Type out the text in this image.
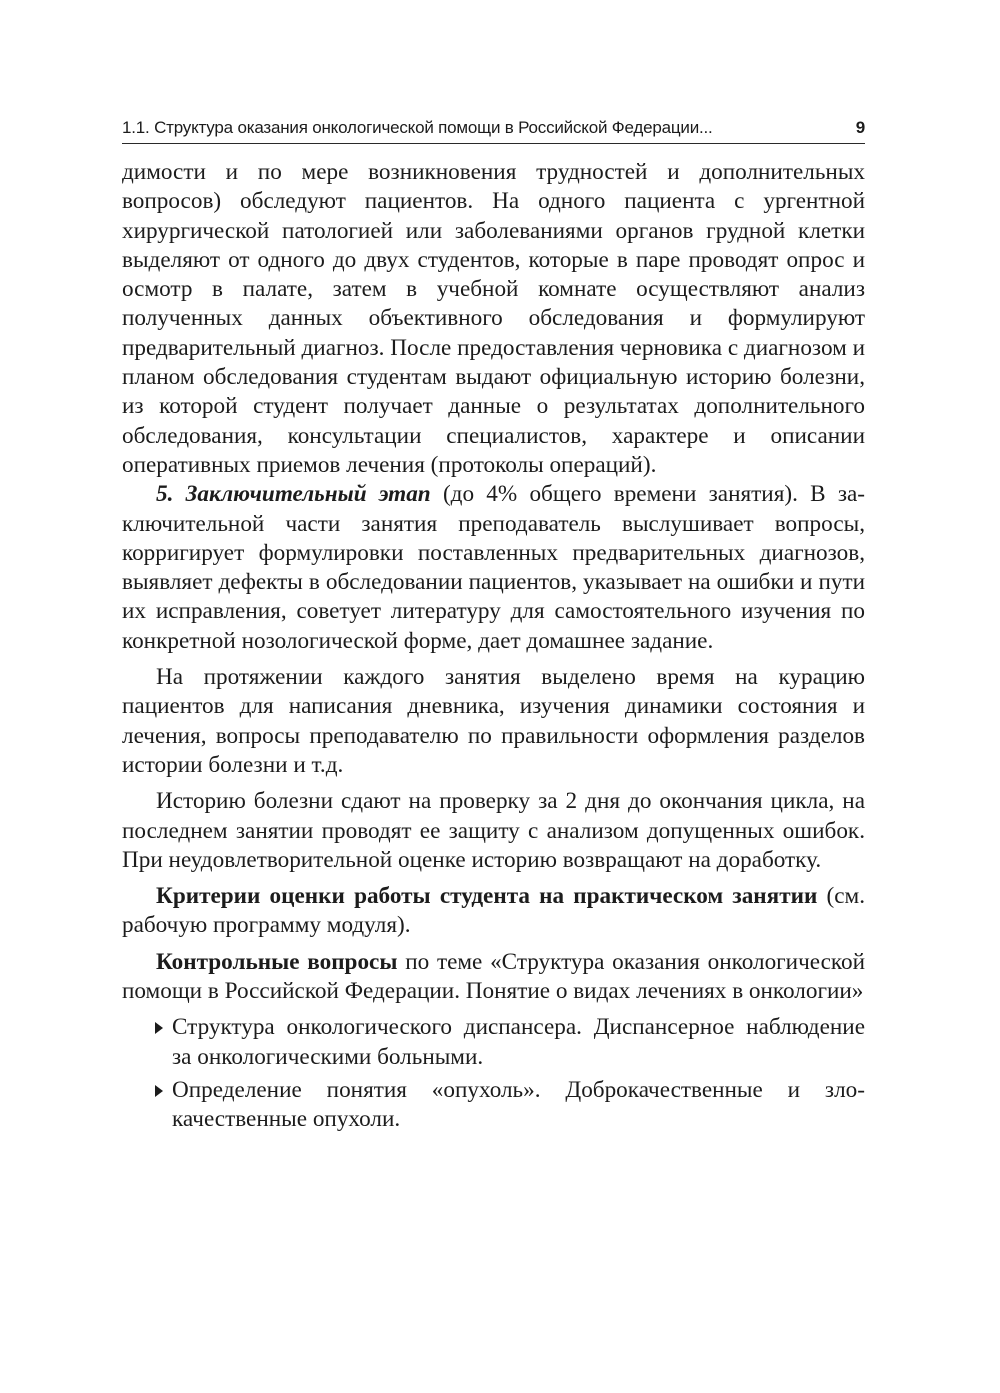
1.1. Структура оказания онкологической помощи в Российской Федерации...	9

димости и по мере возникновения трудностей и дополнительных вопросов) обследуют пациентов. На одного пациента с ургентной хирургической патологией или заболеваниями органов грудной клетки выделяют от одного до двух студентов, которые в паре проводят опрос и осмотр в палате, затем в учебной комнате осуществляют анализ полученных данных объективного обследования и формулируют предварительный диагноз. После предоставления черновика с диагнозом и планом обследования студентам выдают официальную историю болезни, из которой студент получает данные о результатах дополнительного обследования, консультации специалистов, характере и описании оперативных приемов лечения (протоколы операций).

5. Заключительный этап (до 4% общего времени занятия). В заключительной части занятия преподаватель выслушивает вопросы, корригирует формулировки поставленных предварительных диагнозов, выявляет дефекты в обследовании пациентов, указывает на ошибки и пути их исправления, советует литературу для самостоятельного изучения по конкретной нозологической форме, дает домашнее задание.

На протяжении каждого занятия выделено время на курацию пациентов для написания дневника, изучения динамики состояния и лечения, вопросы преподавателю по правильности оформления разделов истории болезни и т.д.

Историю болезни сдают на проверку за 2 дня до окончания цикла, на последнем занятии проводят ее защиту с анализом допущенных ошибок. При неудовлетворительной оценке историю возвращают на доработку.

Критерии оценки работы студента на практическом занятии (см. рабочую программу модуля).

Контрольные вопросы по теме «Структура оказания онкологической помощи в Российской Федерации. Понятие о видах лечениях в онкологии»

Структура онкологического диспансера. Диспансерное наблюдение за онкологическими больными.
Определение понятия «опухоль». Доброкачественные и злокачественные опухоли.
